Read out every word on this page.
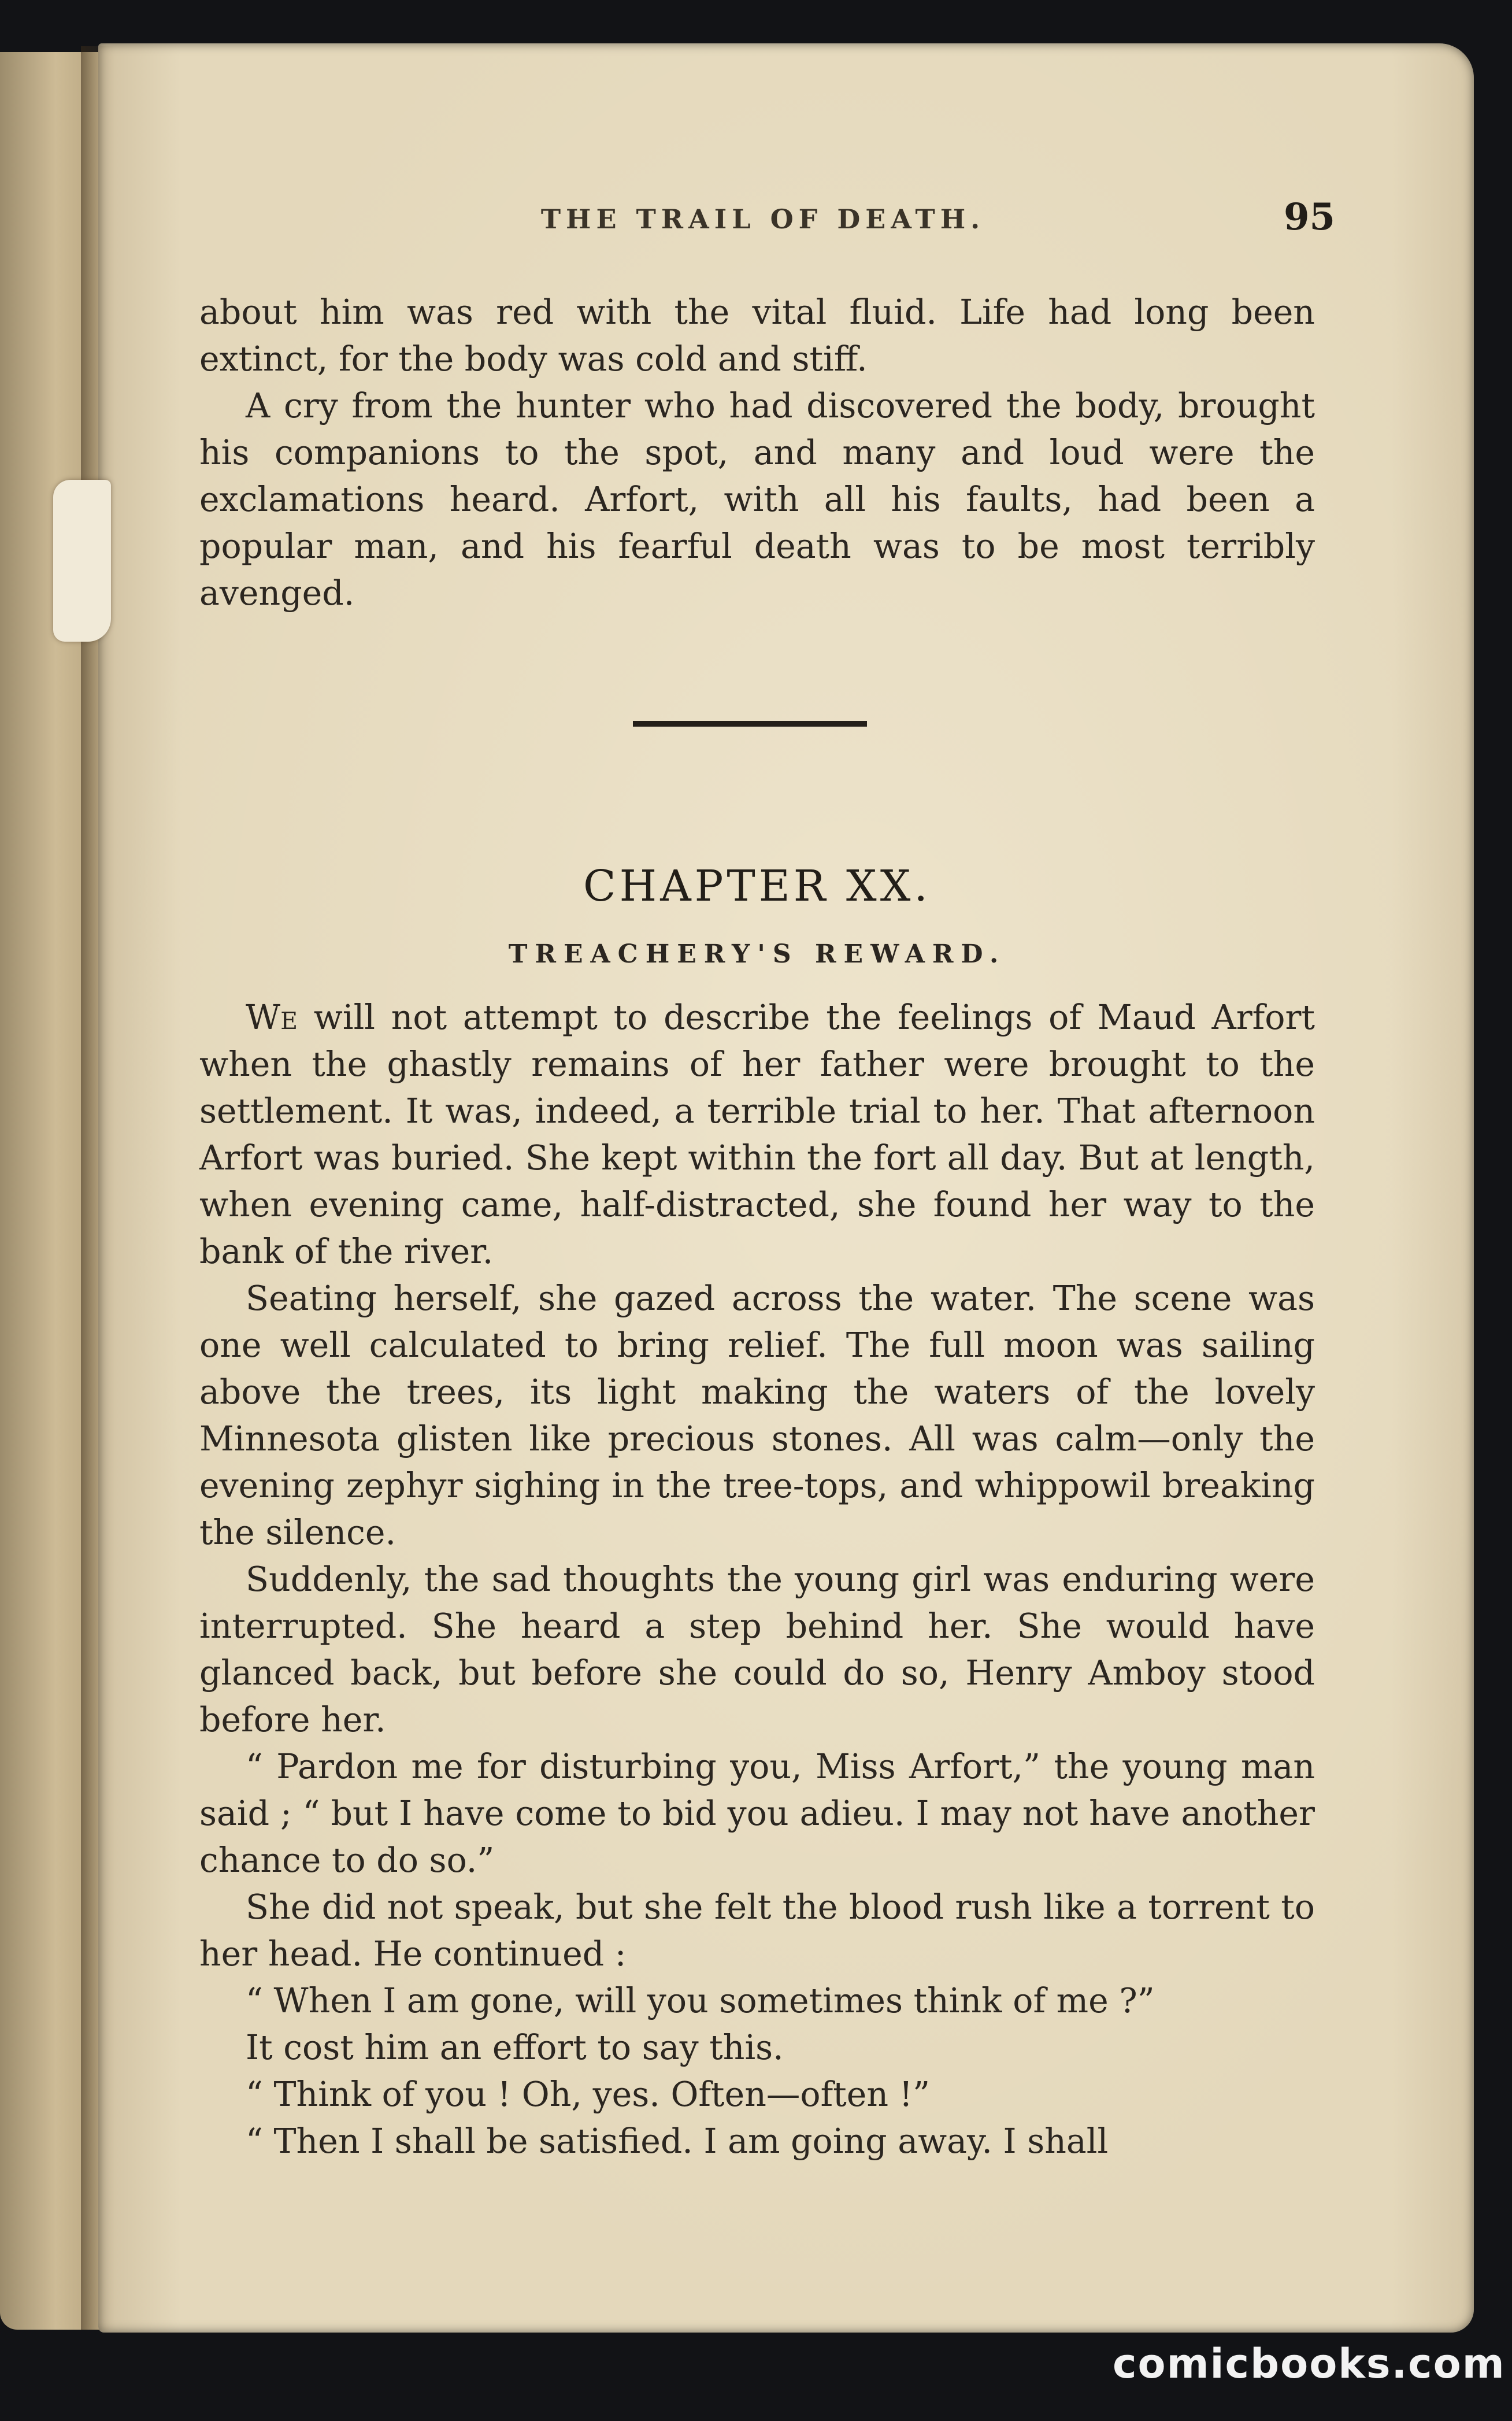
THE TRAIL OF DEATH.	95

about him was red with the vital fluid. Life had long been extinct, for the body was cold and stiff.

A cry from the hunter who had discovered the body, brought his companions to the spot, and many and loud were the exclamations heard. Arfort, with all his faults, had been a popular man, and his fearful death was to be most terribly avenged.

CHAPTER XX.
TREACHERY'S REWARD.

We will not attempt to describe the feelings of Maud Arfort when the ghastly remains of her father were brought to the settlement. It was, indeed, a terrible trial to her. That afternoon Arfort was buried. She kept within the fort all day. But at length, when evening came, half-distracted, she found her way to the bank of the river.

Seating herself, she gazed across the water. The scene was one well calculated to bring relief. The full moon was sailing above the trees, its light making the waters of the lovely Minnesota glisten like precious stones. All was calm—only the evening zephyr sighing in the tree-tops, and whippowil breaking the silence.

Suddenly, the sad thoughts the young girl was enduring were interrupted. She heard a step behind her. She would have glanced back, but before she could do so, Henry Amboy stood before her.

“ Pardon me for disturbing you, Miss Arfort,” the young man said ; “ but I have come to bid you adieu. I may not have another chance to do so.”

She did not speak, but she felt the blood rush like a torrent to her head. He continued :

“ When I am gone, will you sometimes think of me ?”

It cost him an effort to say this.

“ Think of you ! Oh, yes. Often—often !”

“ Then I shall be satisfied. I am going away. I shall

comicbooks.com
